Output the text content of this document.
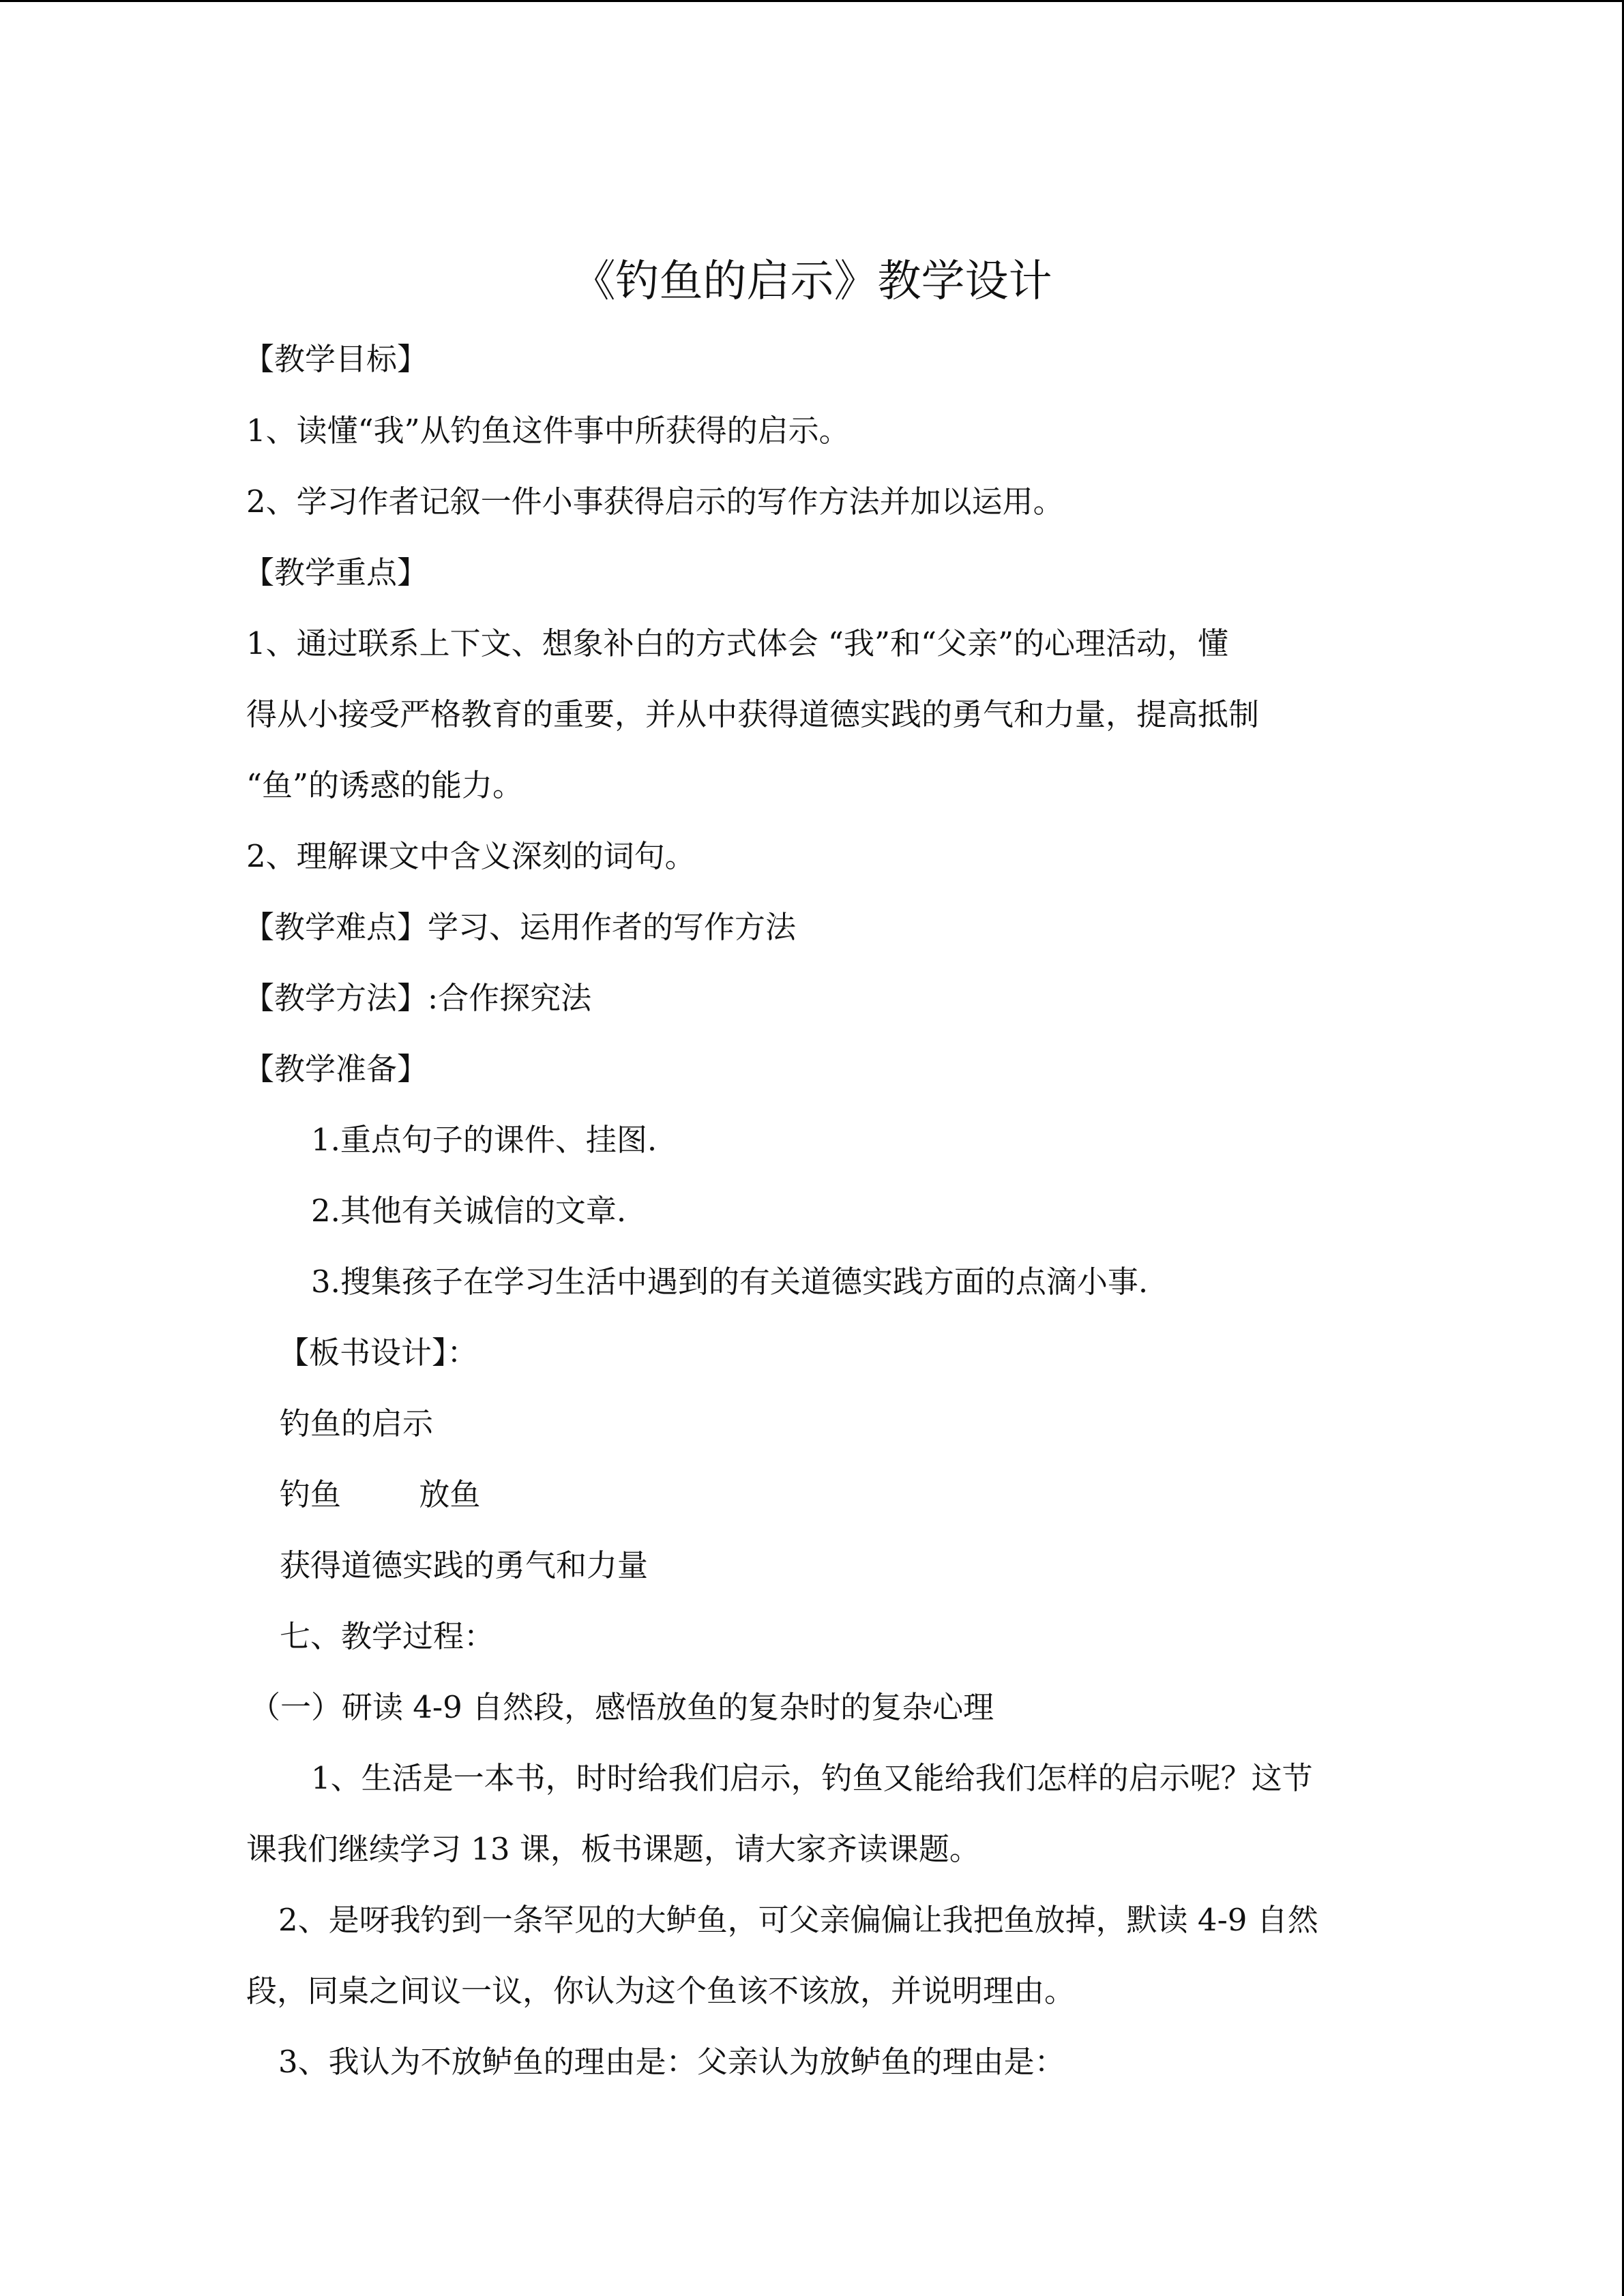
《钓鱼的启示》教学设计
【教学目标】
1、读懂“我”从钓鱼这件事中所获得的启示。
2、学习作者记叙一件小事获得启示的写作方法并加以运用。
【教学重点】
1、通过联系上下文、想象补白的方式体会 “我”和“父亲”的心理活动，懂
得从小接受严格教育的重要，并从中获得道德实践的勇气和力量，提高抵制
“鱼”的诱惑的能力。
2、理解课文中含义深刻的词句。
【教学难点】学习、运用作者的写作方法
【教学方法】:合作探究法
【教学准备】
1.重点句子的课件、挂图.
2.其他有关诚信的文章.
3.搜集孩子在学习生活中遇到的有关道德实践方面的点滴小事.
【板书设计】：
钓鱼的启示
钓鱼        放鱼
获得道德实践的勇气和力量
七、教学过程：
（一）研读 4-9 自然段，感悟放鱼的复杂时的复杂心理
1、生活是一本书，时时给我们启示，钓鱼又能给我们怎样的启示呢？这节
课我们继续学习 13 课，板书课题，请大家齐读课题。
2、是呀我钓到一条罕见的大鲈鱼，可父亲偏偏让我把鱼放掉，默读 4-9 自然
段，同桌之间议一议，你认为这个鱼该不该放，并说明理由。
3、我认为不放鲈鱼的理由是：父亲认为放鲈鱼的理由是：
